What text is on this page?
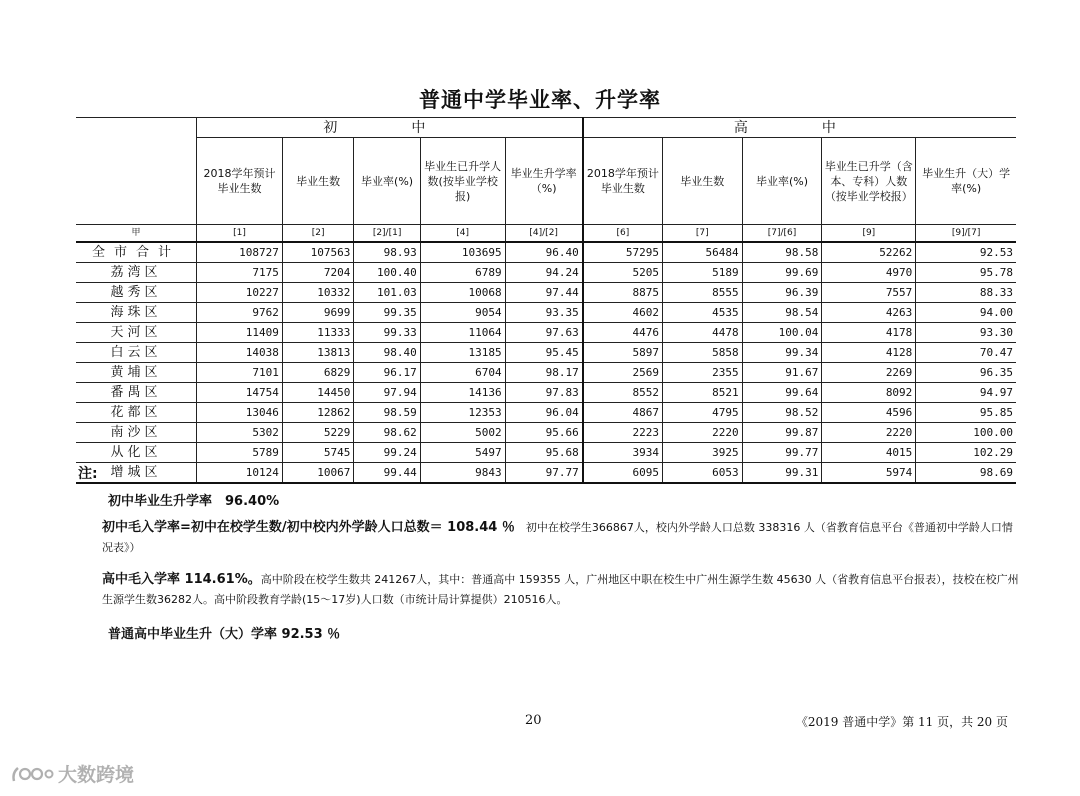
普通中学毕业率、升学率
	初　中					高　中				
	2018学年预计毕业生数	毕业生数	毕业率(%)	毕业生已升学人数(按毕业学校报)	毕业生升学率（%)	2018学年预计毕业生数	毕业生数	毕业率(%)	毕业生已升学（含本、专科）人数（按毕业学校报）	毕业生升（大）学率(%)
甲	[1]	[2]	[2]/[1]	[4]	[4]/[2]	[6]	[7]	[7]/[6]	[9]	[9]/[7]
全市合计	108727	107563	98.93	103695	96.40	57295	56484	98.58	52262	92.53
荔湾区	7175	7204	100.40	6789	94.24	5205	5189	99.69	4970	95.78
越秀区	10227	10332	101.03	10068	97.44	8875	8555	96.39	7557	88.33
海珠区	9762	9699	99.35	9054	93.35	4602	4535	98.54	4263	94.00
天河区	11409	11333	99.33	11064	97.63	4476	4478	100.04	4178	93.30
白云区	14038	13813	98.40	13185	95.45	5897	5858	99.34	4128	70.47
黄埔区	7101	6829	96.17	6704	98.17	2569	2355	91.67	2269	96.35
番禺区	14754	14450	97.94	14136	97.83	8552	8521	99.64	8092	94.97
花都区	13046	12862	98.59	12353	96.04	4867	4795	98.52	4596	95.85
南沙区	5302	5229	98.62	5002	95.66	2223	2220	99.87	2220	100.00
从化区	5789	5745	99.24	5497	95.68	3934	3925	99.77	4015	102.29
增城区	10124	10067	99.44	9843	97.77	6095	6053	99.31	5974	98.69
注:
初中毕业生升学率　96.40%
初中毛入学率=初中在校学生数/初中校内外学龄人口总数＝ 108.44 ％　初中在校学生366867人，校内外学龄人口总数 338316 人（省教育信息平台《普通初中学龄人口情况表》）
高中毛入学率 114.61%。高中阶段在校学生数共 241267人，其中：普通高中 159355 人，广州地区中职在校生中广州生源学生数 45630 人（省教育信息平台报表），技校在校广州生源学生数36282人。高中阶段教育学龄(15～17岁)人口数（市统计局计算提供）210516人。
普通高中毕业生升（大）学率 92.53 ％
20	《2019 普通中学》第 11 页，共 20 页
大数跨境
